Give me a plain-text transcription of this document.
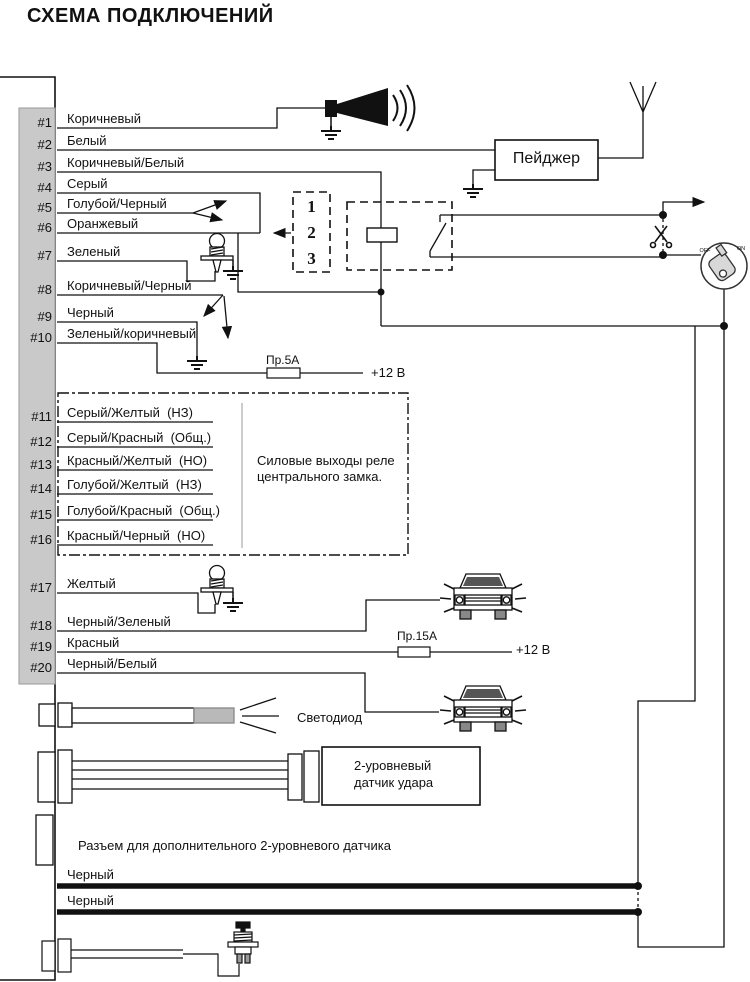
OFF	ON
СХЕМА ПОДКЛЮЧЕНИЙ
Пейджер
1
2
3
Силовые выходы реле
центрального замка.
Пр.5А
+12 В
Пр.15А
+12 В
Светодиод
2-уровневый
датчик удара
Разъем для дополнительного 2-уровневого датчика
#1 Коричневый
#2 Белый
#3 Коричневый/Белый
#4 Серый
#5 Голубой/Черный
#6 Оранжевый
#7 Зеленый
#8 Коричневый/Черный
#9 Черный
#10 Зеленый/коричневый
#11 Серый/Желтый  (НЗ)
#12 Серый/Красный  (Общ.)
#13 Красный/Желтый  (НО)
#14 Голубой/Желтый  (НЗ)
#15 Голубой/Красный  (Общ.)
#16 Красный/Черный  (НО)
#17 Желтый
#18 Черный/Зеленый
#19 Красный
#20 Черный/Белый
Черный
Черный
